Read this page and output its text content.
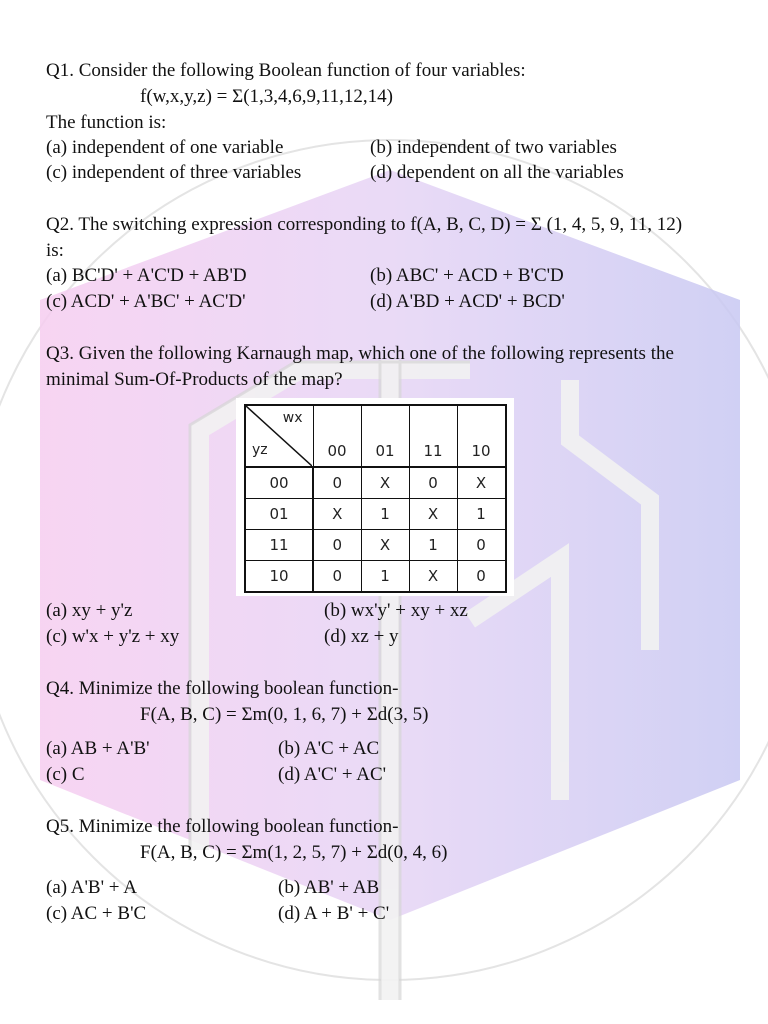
Q1. Consider the following Boolean function of four variables:
f(w,x,y,z) = Σ(1,3,4,6,9,11,12,14)
The function is:
(a) independent of one variable	(b) independent of two variables
(c) independent of three variables	(d) dependent on all the variables
Q2. The switching expression corresponding to f(A, B, C, D) = Σ (1, 4, 5, 9, 11, 12)
is:
(a) BC'D' + A'C'D + AB'D	(b) ABC' + ACD + B'C'D
(c) ACD' + A'BC' + AC'D'	(d) A'BD + ACD' + BCD'
Q3. Given the following Karnaugh map, which one of the following represents the
minimal Sum-Of-Products of the map?
wx
yz	00	01	11	10
00	0	X	0	X
01	X	1	X	1
11	0	X	1	0
10	0	1	X	0
(a) xy + y'z	(b) wx'y' + xy + xz
(c) w'x + y'z + xy	(d) xz + y
Q4. Minimize the following boolean function-
F(A, B, C) = Σm(0, 1, 6, 7) + Σd(3, 5)
(a) AB + A'B'	(b) A'C + AC
(c) C	(d) A'C' + AC'
Q5. Minimize the following boolean function-
F(A, B, C) = Σm(1, 2, 5, 7) + Σd(0, 4, 6)
(a) A'B' + A	(b) AB' + AB
(c) AC + B'C	(d) A + B' + C'
